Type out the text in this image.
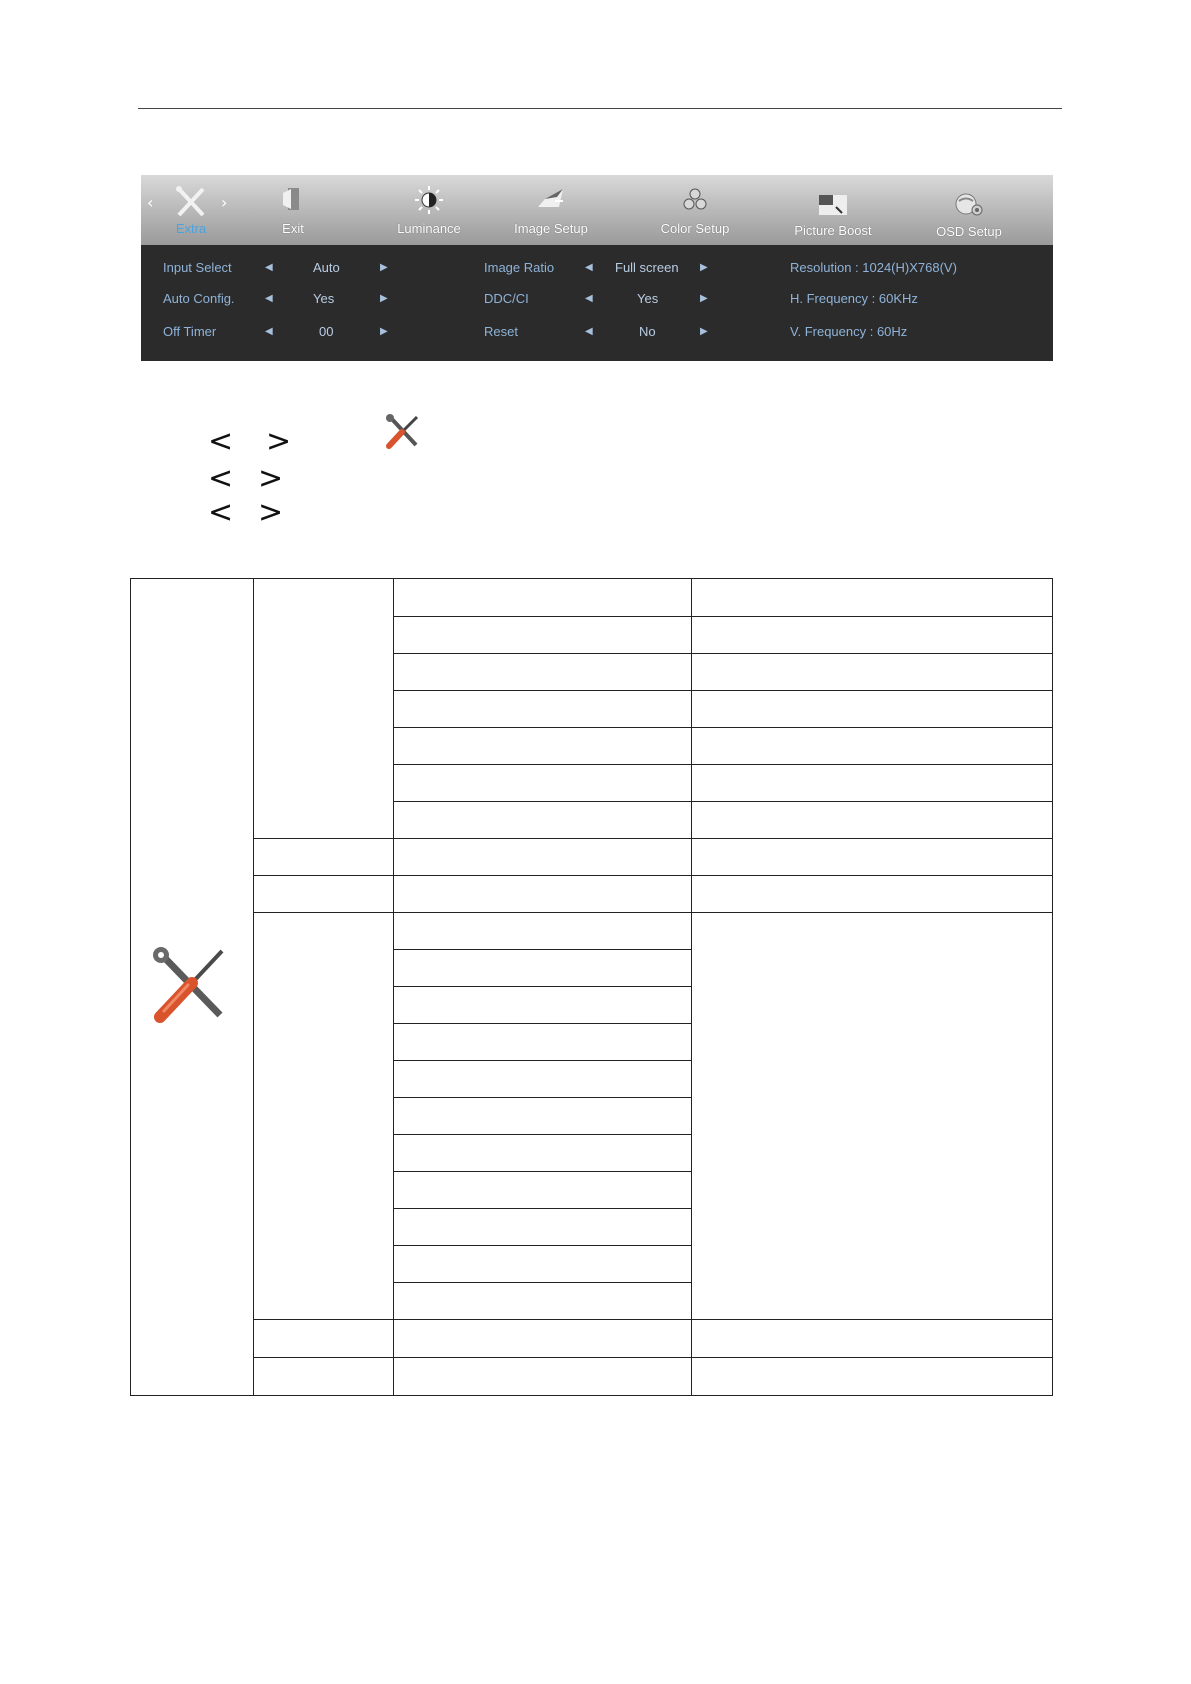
‹	›
Extra	Exit	Luminance	Image Setup	Color Setup	Picture Boost	OSD Setup
Input Select	◀	Auto	▶	Image Ratio	◀ Full screen ▶	Resolution : 1024(H)X768(V)
Auto Config.	◀	Yes	▶	DDC/CI	◀	Yes	▶	H. Frequency : 60KHz
Off Timer	◀	00	▶	Reset	◀	No	▶	V. Frequency : 60Hz
< >
< >
< >
